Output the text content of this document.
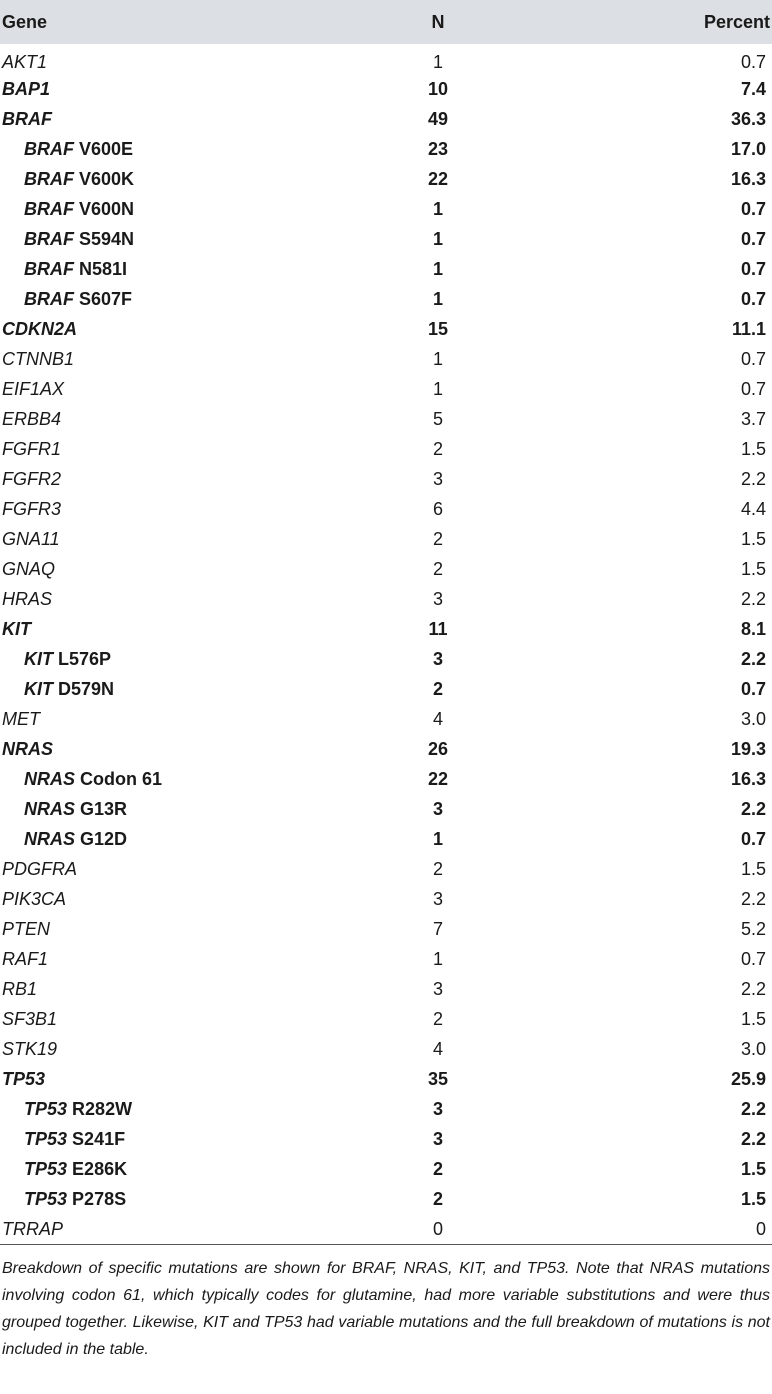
Gene	N	Percent
AKT1	1	0.7
BAP1	10	7.4
BRAF	49	36.3
BRAF V600E	23	17.0
BRAF V600K	22	16.3
BRAF V600N	1	0.7
BRAF S594N	1	0.7
BRAF N581I	1	0.7
BRAF S607F	1	0.7
CDKN2A	15	11.1
CTNNB1	1	0.7
EIF1AX	1	0.7
ERBB4	5	3.7
FGFR1	2	1.5
FGFR2	3	2.2
FGFR3	6	4.4
GNA11	2	1.5
GNAQ	2	1.5
HRAS	3	2.2
KIT	11	8.1
KIT L576P	3	2.2
KIT D579N	2	0.7
MET	4	3.0
NRAS	26	19.3
NRAS Codon 61	22	16.3
NRAS G13R	3	2.2
NRAS G12D	1	0.7
PDGFRA	2	1.5
PIK3CA	3	2.2
PTEN	7	5.2
RAF1	1	0.7
RB1	3	2.2
SF3B1	2	1.5
STK19	4	3.0
TP53	35	25.9
TP53 R282W	3	2.2
TP53 S241F	3	2.2
TP53 E286K	2	1.5
TP53 P278S	2	1.5
TRRAP	0	0
Breakdown of specific mutations are shown for BRAF, NRAS, KIT, and TP53. Note that NRAS mutations involving codon 61, which typically codes for glutamine, had more variable substitutions and were thus grouped together. Likewise, KIT and TP53 had variable mutations and the full breakdown of mutations is not included in the table.
